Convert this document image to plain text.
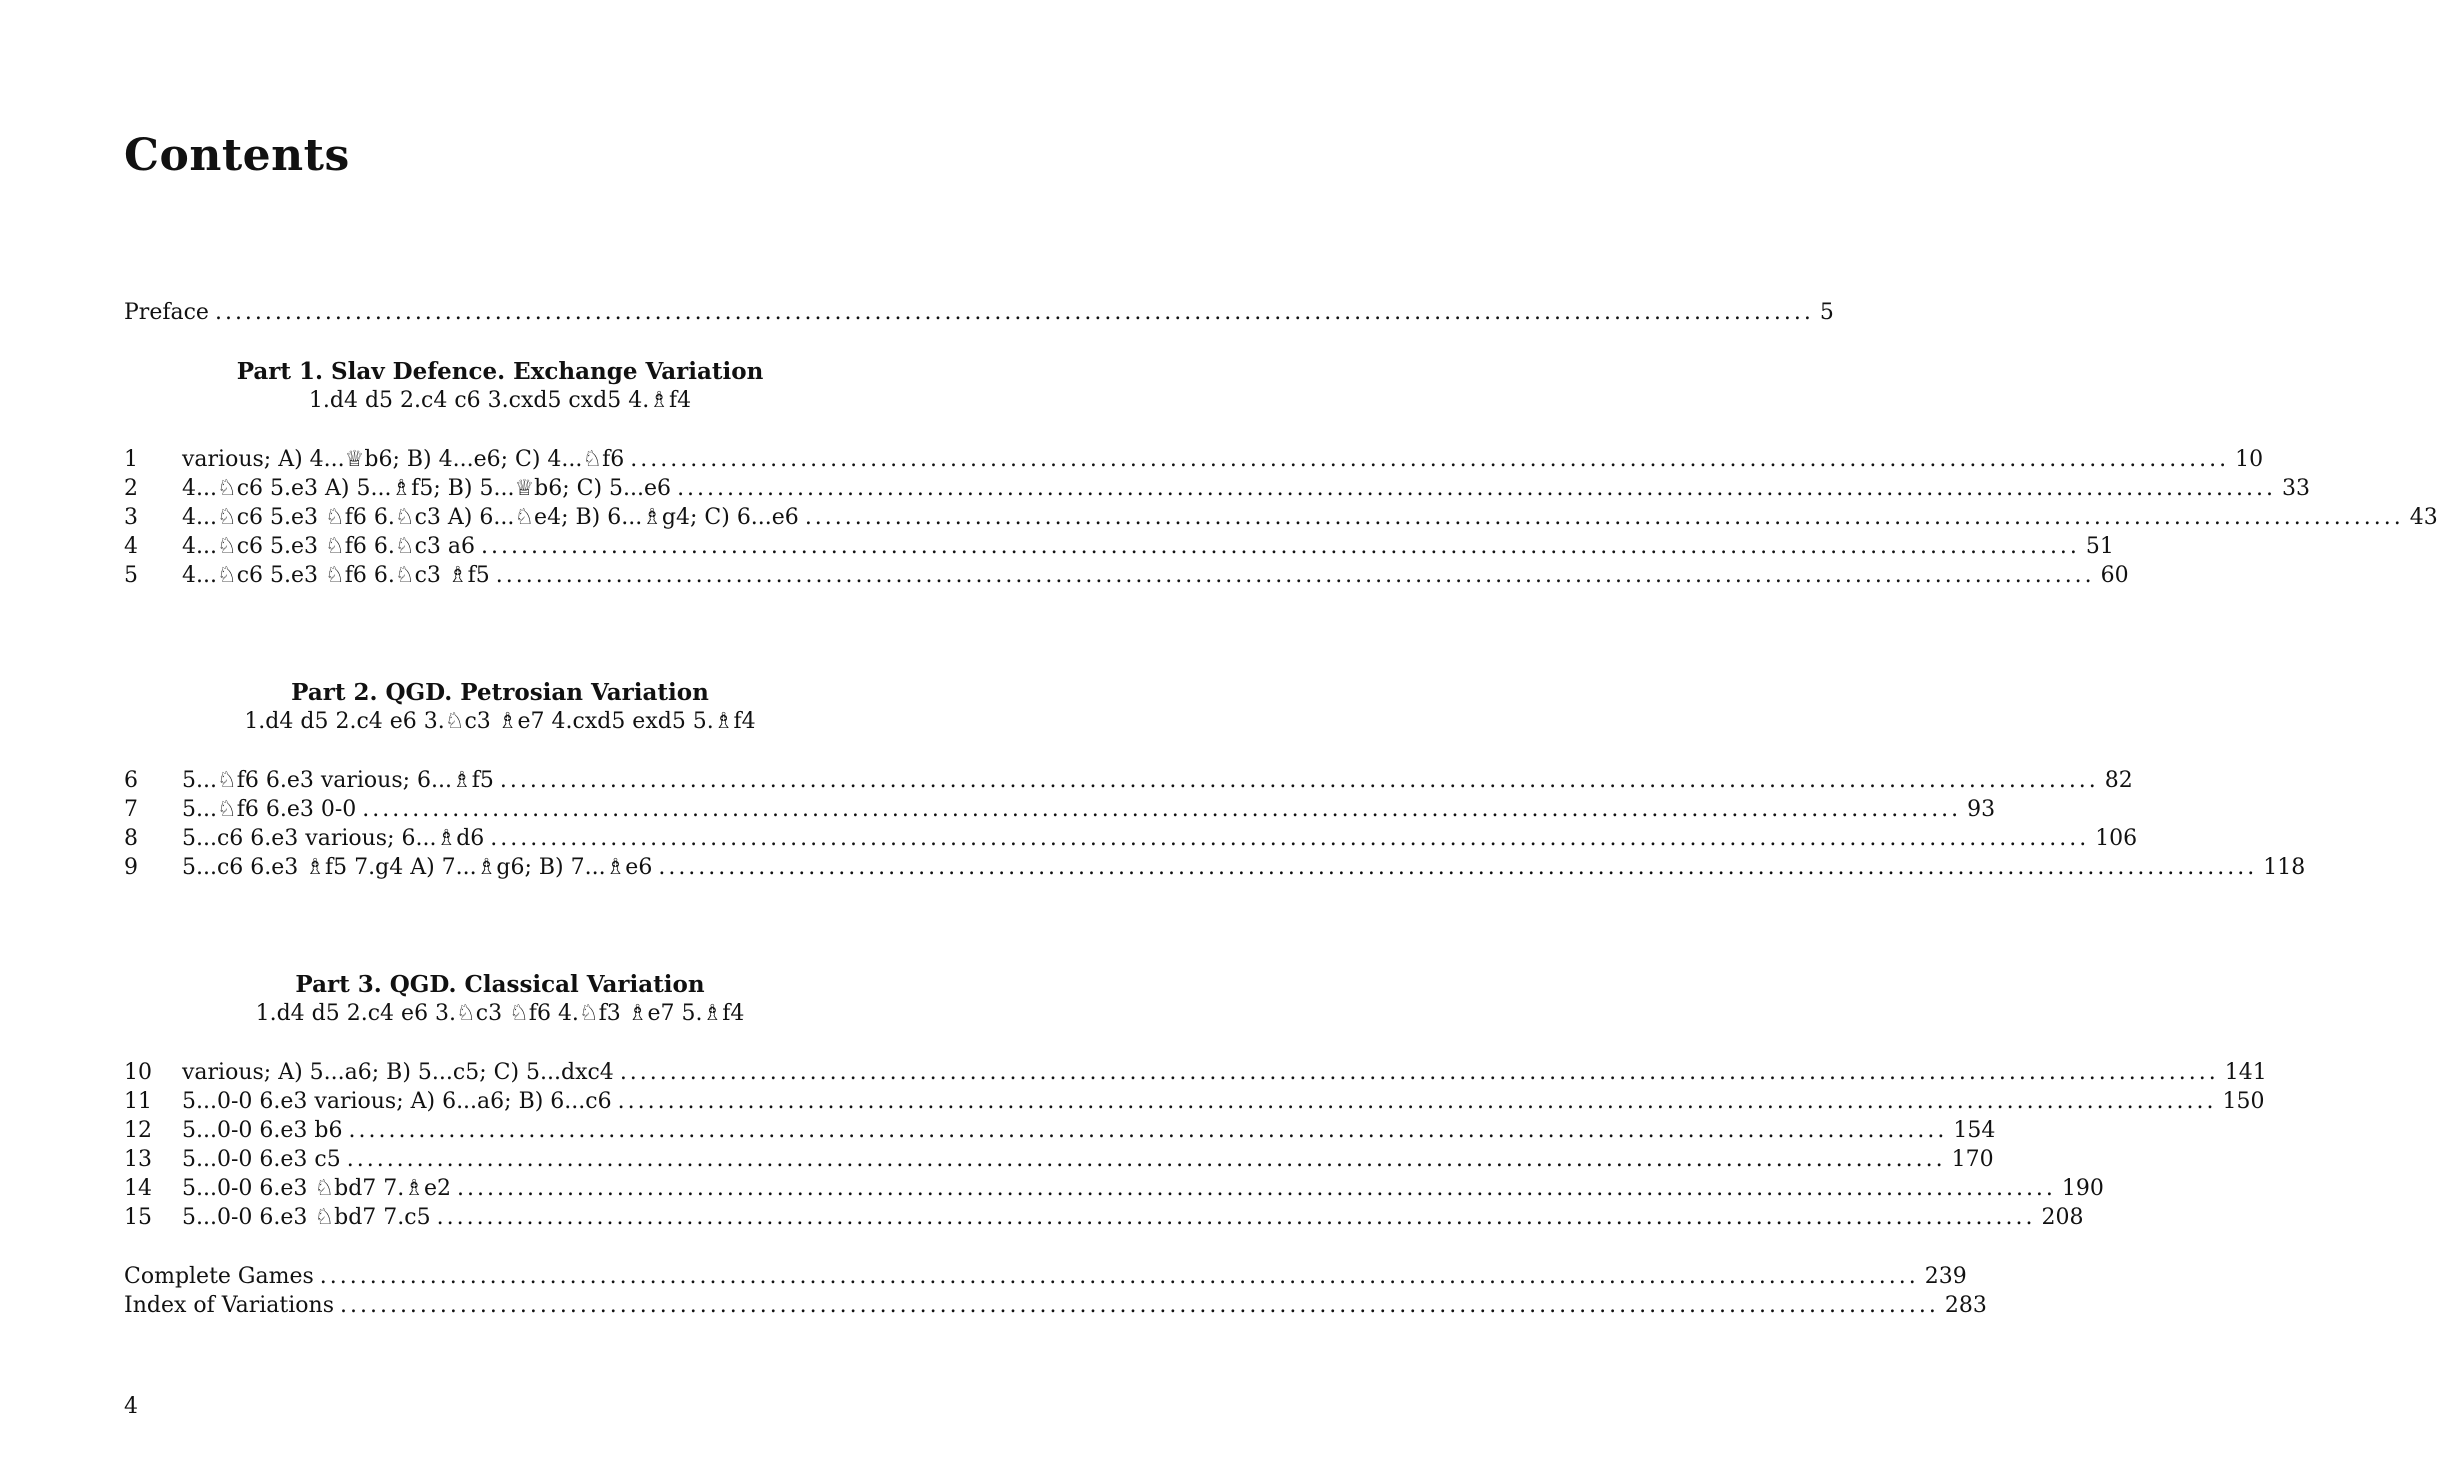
Contents
Preface ................................................................................................................................................................ 5
Part 1. Slav Defence. Exchange Variation
1.d4 d5 2.c4 c6 3.cxd5 cxd5 4.♗f4
1	various; A) 4...♕b6; B) 4...e6; C) 4...♘f6 ................................................................................................................................................................ 10
2	4...♘c6 5.e3 A) 5...♗f5; B) 5...♕b6; C) 5...e6 ................................................................................................................................................................ 33
3	4...♘c6 5.e3 ♘f6 6.♘c3 A) 6...♘e4; B) 6...♗g4; C) 6...e6 ................................................................................................................................................................ 43
4	4...♘c6 5.e3 ♘f6 6.♘c3 a6 ................................................................................................................................................................ 51
5	4...♘c6 5.e3 ♘f6 6.♘c3 ♗f5 ................................................................................................................................................................ 60
Part 2. QGD. Petrosian Variation
1.d4 d5 2.c4 e6 3.♘c3 ♗e7 4.cxd5 exd5 5.♗f4
6	5...♘f6 6.e3 various; 6...♗f5 ................................................................................................................................................................ 82
7	5...♘f6 6.e3 0-0 ................................................................................................................................................................ 93
8	5...c6 6.e3 various; 6...♗d6 ................................................................................................................................................................ 106
9	5...c6 6.e3 ♗f5 7.g4 A) 7...♗g6; B) 7...♗e6 ................................................................................................................................................................ 118
Part 3. QGD. Classical Variation
1.d4 d5 2.c4 e6 3.♘c3 ♘f6 4.♘f3 ♗e7 5.♗f4
10	various; A) 5...a6; B) 5...c5; C) 5...dxc4 ................................................................................................................................................................ 141
11	5...0-0 6.e3 various; A) 6...a6; B) 6...c6 ................................................................................................................................................................ 150
12	5...0-0 6.e3 b6 ................................................................................................................................................................ 154
13	5...0-0 6.e3 c5 ................................................................................................................................................................ 170
14	5...0-0 6.e3 ♘bd7 7.♗e2 ................................................................................................................................................................ 190
15	5...0-0 6.e3 ♘bd7 7.c5 ................................................................................................................................................................ 208
Complete Games ................................................................................................................................................................ 239
Index of Variations ................................................................................................................................................................ 283
4
